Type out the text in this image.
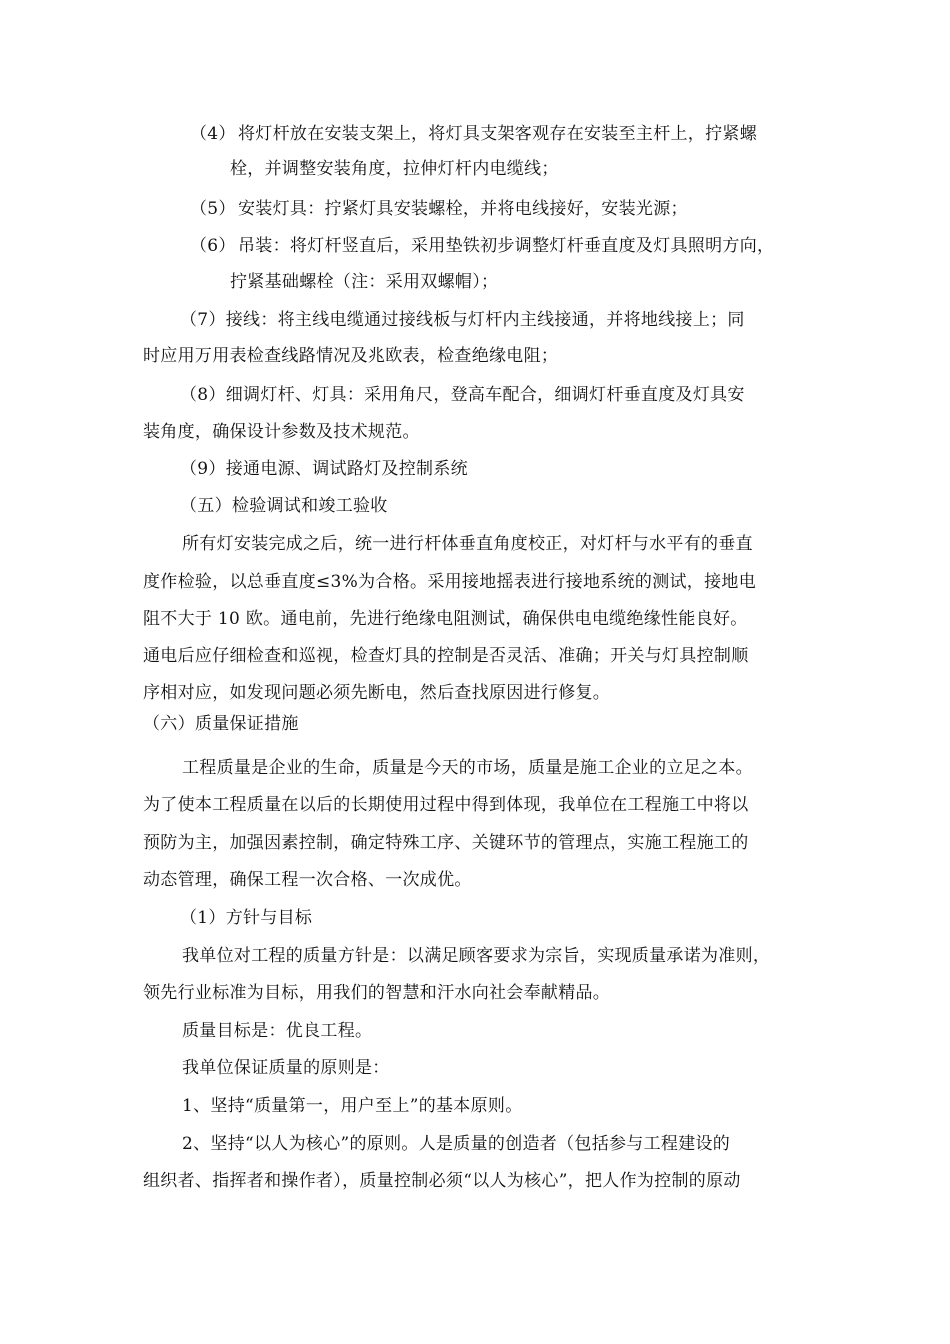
（4） 将灯杆放在安装支架上，将灯具支架客观存在安装至主杆上，拧紧螺
栓，并调整安装角度，拉伸灯杆内电缆线；
（5） 安装灯具：拧紧灯具安装螺栓，并将电线接好，安装光源；
（6） 吊装：将灯杆竖直后，采用垫铁初步调整灯杆垂直度及灯具照明方向，
拧紧基础螺栓（注：采用双螺帽）；
（7）接线：将主线电缆通过接线板与灯杆内主线接通，并将地线接上；同
时应用万用表检查线路情况及兆欧表，检查绝缘电阻；
（8）细调灯杆、灯具：采用角尺，登高车配合，细调灯杆垂直度及灯具安
装角度，确保设计参数及技术规范。
（9）接通电源、调试路灯及控制系统
（五）检验调试和竣工验收
所有灯安装完成之后，统一进行杆体垂直角度校正，对灯杆与水平有的垂直
度作检验，以总垂直度≤3%为合格。采用接地摇表进行接地系统的测试，接地电
阻不大于 10 欧。通电前，先进行绝缘电阻测试，确保供电电缆绝缘性能良好。
通电后应仔细检查和巡视，检查灯具的控制是否灵活、准确；开关与灯具控制顺
序相对应，如发现问题必须先断电，然后查找原因进行修复。
（六）质量保证措施
工程质量是企业的生命，质量是今天的市场，质量是施工企业的立足之本。
为了使本工程质量在以后的长期使用过程中得到体现，我单位在工程施工中将以
预防为主，加强因素控制，确定特殊工序、关键环节的管理点，实施工程施工的
动态管理，确保工程一次合格、一次成优。
（1）方针与目标
我单位对工程的质量方针是：以满足顾客要求为宗旨，实现质量承诺为准则，
领先行业标准为目标，用我们的智慧和汗水向社会奉献精品。
质量目标是：优良工程。
我单位保证质量的原则是：
1、坚持“质量第一，用户至上”的基本原则。
2、坚持“以人为核心”的原则。人是质量的创造者（包括参与工程建设的
组织者、指挥者和操作者），质量控制必须“以人为核心”，把人作为控制的原动
